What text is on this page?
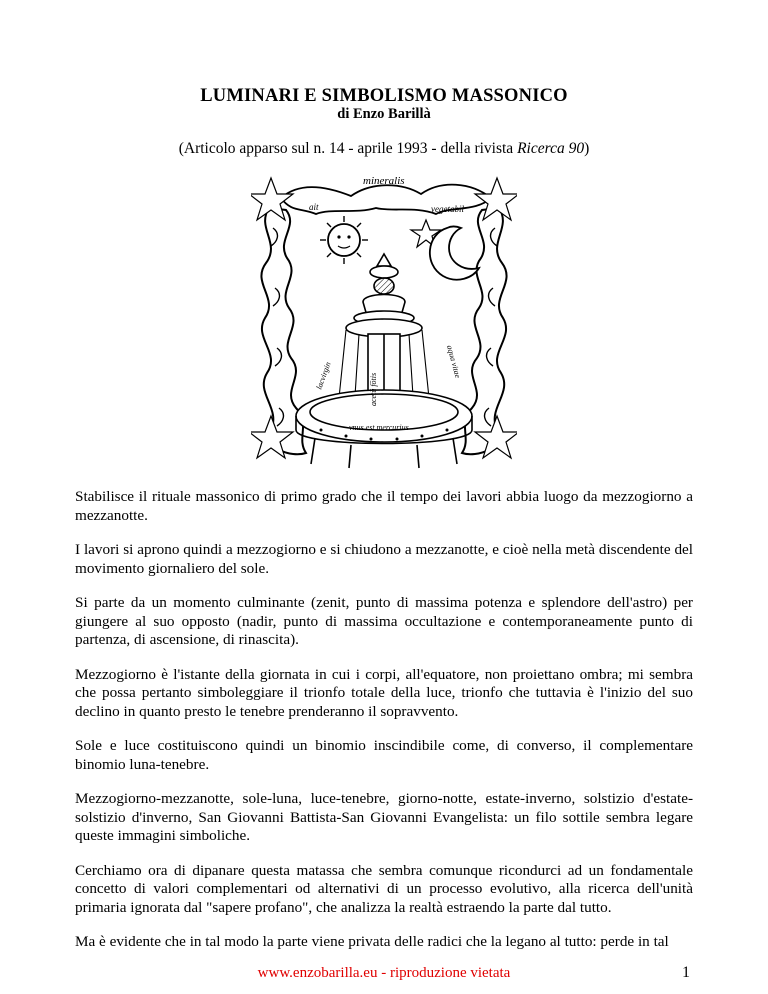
LUMINARI E SIMBOLISMO MASSONICO
di Enzo Barillà
(Articolo apparso sul n. 14 - aprile 1993 - della rivista Ricerca 90)
mineralis
ait	vegetabil
acetū fōtis
lacvirgin	aqua vitae
vnus est mercurius

Stabilisce il rituale massonico di primo grado che il tempo dei lavori abbia luogo da mezzogiorno a mezzanotte.

I lavori si aprono quindi a mezzogiorno e si chiudono a mezzanotte, e cioè nella metà discendente del movimento giornaliero del sole.

Si parte da un momento culminante (zenit, punto di massima potenza e splendore dell'astro) per giungere al suo opposto (nadir, punto di massima occultazione e contemporaneamente punto di partenza, di ascensione, di rinascita).

Mezzogiorno è l'istante della giornata in cui i corpi, all'equatore, non proiettano ombra; mi sembra che possa pertanto simboleggiare il trionfo totale della luce, trionfo che tuttavia è l'inizio del suo declino in quanto presto le tenebre prenderanno il sopravvento.

Sole e luce costituiscono quindi un binomio inscindibile come, di converso, il complementare binomio luna-tenebre.

Mezzogiorno-mezzanotte, sole-luna, luce-tenebre, giorno-notte, estate-inverno, solstizio d'estate-solstizio d'inverno, San Giovanni Battista-San Giovanni Evangelista: un filo sottile sembra legare queste immagini simboliche.

Cerchiamo ora di dipanare questa matassa che sembra comunque ricondurci ad un fondamentale concetto di valori complementari od alternativi di un processo evolutivo, alla ricerca dell'unità primaria ignorata dal "sapere profano", che analizza la realtà estraendo la parte dal tutto.

Ma è evidente che in tal modo la parte viene privata delle radici che la legano al tutto: perde in tal

www.enzobarilla.eu - riproduzione vietata	1
